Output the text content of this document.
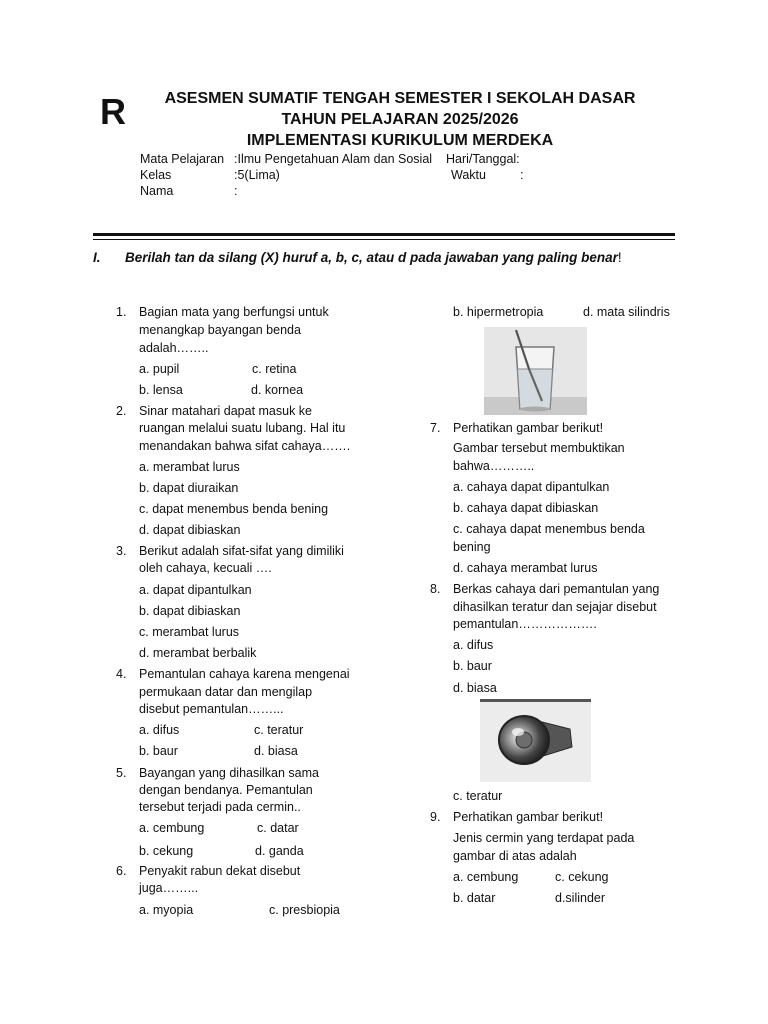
R	ASESMEN SUMATIF TENGAH SEMESTER I SEKOLAH DASAR
TAHUN PELAJARAN 2025/2026
IMPLEMENTASI KURIKULUM MERDEKA
Mata Pelajaran :Ilmu Pengetahuan Alam dan Sosial Hari/Tanggal:
Kelas	:5(Lima)	Waktu	:
Nama	:
I. Berilah tan da silang (X) huruf a, b, c, atau d pada jawaban yang paling benar!
1. Bagian mata yang berfungsi untuk
menangkap bayangan benda
adalah……..
a. pupil	c. retina
b. lensa	d. kornea
2. Sinar matahari dapat masuk ke
ruangan melalui suatu lubang. Hal itu
menandakan bahwa sifat cahaya…….
a. merambat lurus
b. dapat diuraikan
c. dapat menembus benda bening
d. dapat dibiaskan
3. Berikut adalah sifat-sifat yang dimiliki
oleh cahaya, kecuali ….
a. dapat dipantulkan
b. dapat dibiaskan
c. merambat lurus
d. merambat berbalik
4. Pemantulan cahaya karena mengenai
permukaan datar dan mengilap
disebut pemantulan……...
a. difus	c. teratur
b. baur	d. biasa
5. Bayangan yang dihasilkan sama
dengan bendanya. Pemantulan
tersebut terjadi pada cermin..
a. cembung	c. datar
b. cekung	d. ganda
6. Penyakit rabun dekat disebut
juga……...
a. myopia	c. presbiopia
b. hipermetropia	d. mata silindris
7. Perhatikan gambar berikut!
Gambar tersebut membuktikan
bahwa………..
a. cahaya dapat dipantulkan
b. cahaya dapat dibiaskan
c. cahaya dapat menembus benda
bening
d. cahaya merambat lurus
8. Berkas cahaya dari pemantulan yang
dihasilkan teratur dan sejajar disebut
pemantulan……………….
a. difus
b. baur
d. biasa
c. teratur
9. Perhatikan gambar berikut!
Jenis cermin yang terdapat pada
gambar di atas adalah
a. cembung	c. cekung
b. datar	d.silinder
